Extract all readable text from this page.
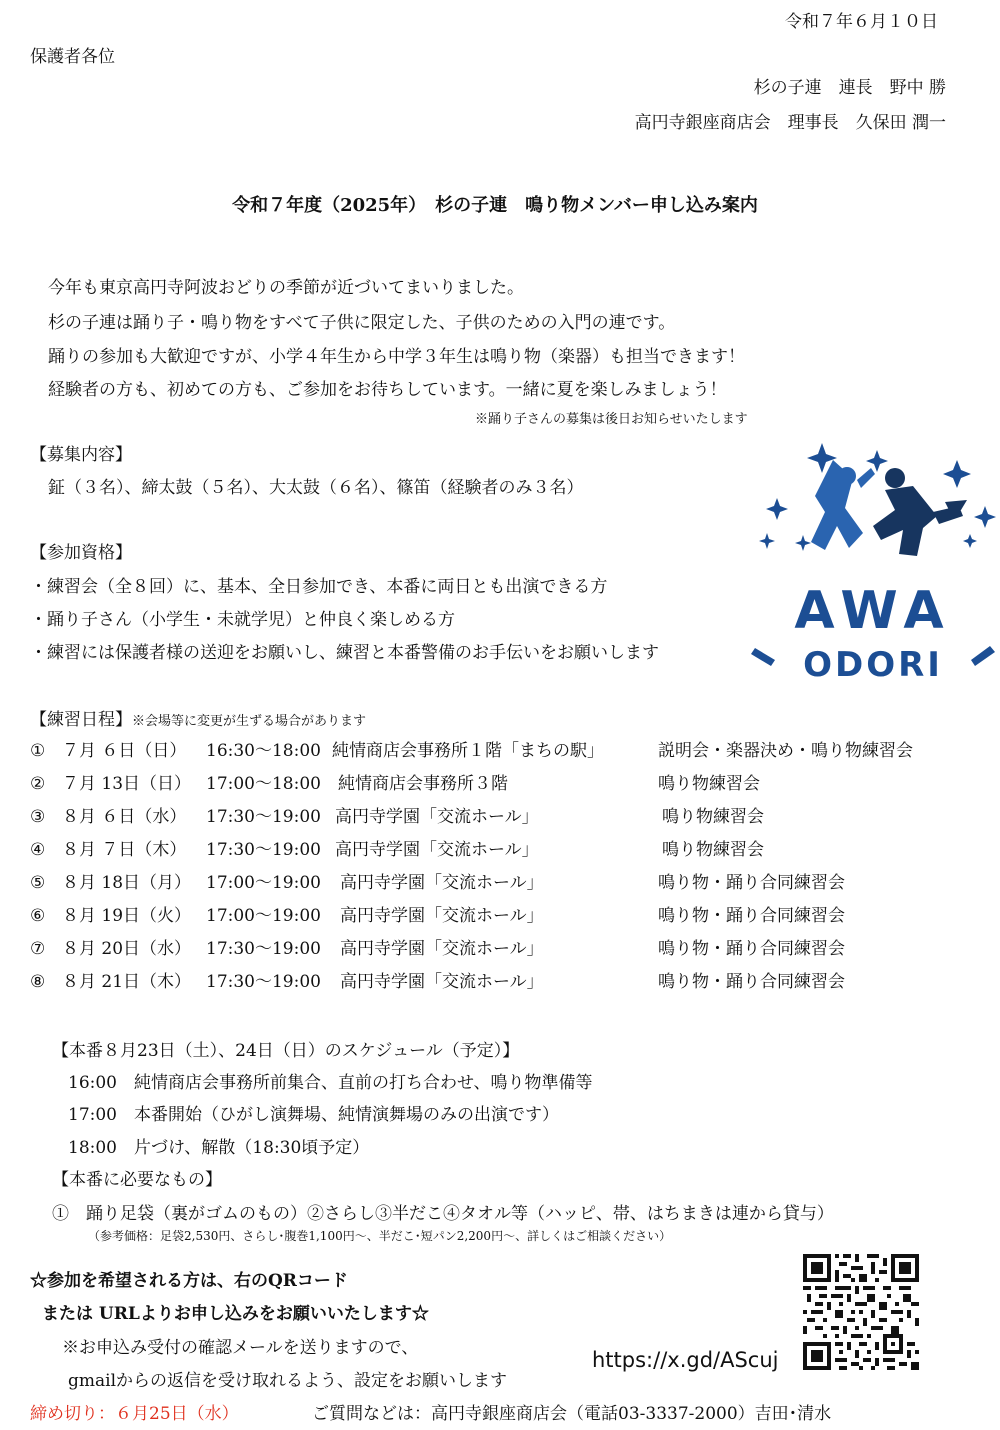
令和７年６月１０日
保護者各位
杉の子連　連長　野中 勝
高円寺銀座商店会　理事長　久保田 潤一
令和７年度（2025年）　杉の子連　鳴り物メンバー申し込み案内
今年も東京高円寺阿波おどりの季節が近づいてまいりました。
杉の子連は踊り子・鳴り物をすべて子供に限定した、子供のための入門の連です。
踊りの参加も大歓迎ですが、小学４年生から中学３年生は鳴り物（楽器）も担当できます！
経験者の方も、初めての方も、ご参加をお待ちしています。一緒に夏を楽しみましょう！
※踊り子さんの募集は後日お知らせいたします
【募集内容】
鉦（３名）、締太鼓（５名）、大太鼓（６名）、篠笛（経験者のみ３名）
【参加資格】
・練習会（全８回）に、基本、全日参加でき、本番に両日とも出演できる方
・踊り子さん（小学生・未就学児）と仲良く楽しめる方
・練習には保護者様の送迎をお願いし、練習と本番警備のお手伝いをお願いします
AWA
ODORI
【練習日程】※会場等に変更が生ずる場合があります
① ７月 ６日（日） 16:30〜18:00 純情商店会事務所１階「まちの駅」	説明会・楽器決め・鳴り物練習会
② ７月 13日（日） 17:00〜18:00 純情商店会事務所３階	鳴り物練習会
③ ８月 ６日（水） 17:30〜19:00 高円寺学園「交流ホール」	鳴り物練習会
④ ８月 ７日（木） 17:30〜19:00 高円寺学園「交流ホール」	鳴り物練習会
⑤ ８月 18日（月） 17:00〜19:00 高円寺学園「交流ホール」	鳴り物・踊り合同練習会
⑥ ８月 19日（火） 17:00〜19:00 高円寺学園「交流ホール」	鳴り物・踊り合同練習会
⑦ ８月 20日（水） 17:30〜19:00 高円寺学園「交流ホール」	鳴り物・踊り合同練習会
⑧ ８月 21日（木） 17:30〜19:00 高円寺学園「交流ホール」	鳴り物・踊り合同練習会
【本番８月23日（土）、24日（日）のスケジュール（予定）】
16:00　純情商店会事務所前集合、直前の打ち合わせ、鳴り物準備等
17:00　本番開始（ひがし演舞場、純情演舞場のみの出演です）
18:00　片づけ、解散（18:30頃予定）
【本番に必要なもの】
①　踊り足袋（裏がゴムのもの）②さらし③半だこ④タオル等（ハッピ、帯、はちまきは連から貸与）
（参考価格：足袋2,530円、さらし･腹巻1,100円〜、半だこ･短パン2,200円〜、詳しくはご相談ください）
☆参加を希望される方は、右のQRコード
または URLよりお申し込みをお願いいたします☆
※お申込み受付の確認メールを送りますので、
gmailからの返信を受け取れるよう、設定をお願いします
https://x.gd/AScuj
締め切り：６月25日（水）	ご質問などは：高円寺銀座商店会（電話03-3337-2000）吉田･清水
